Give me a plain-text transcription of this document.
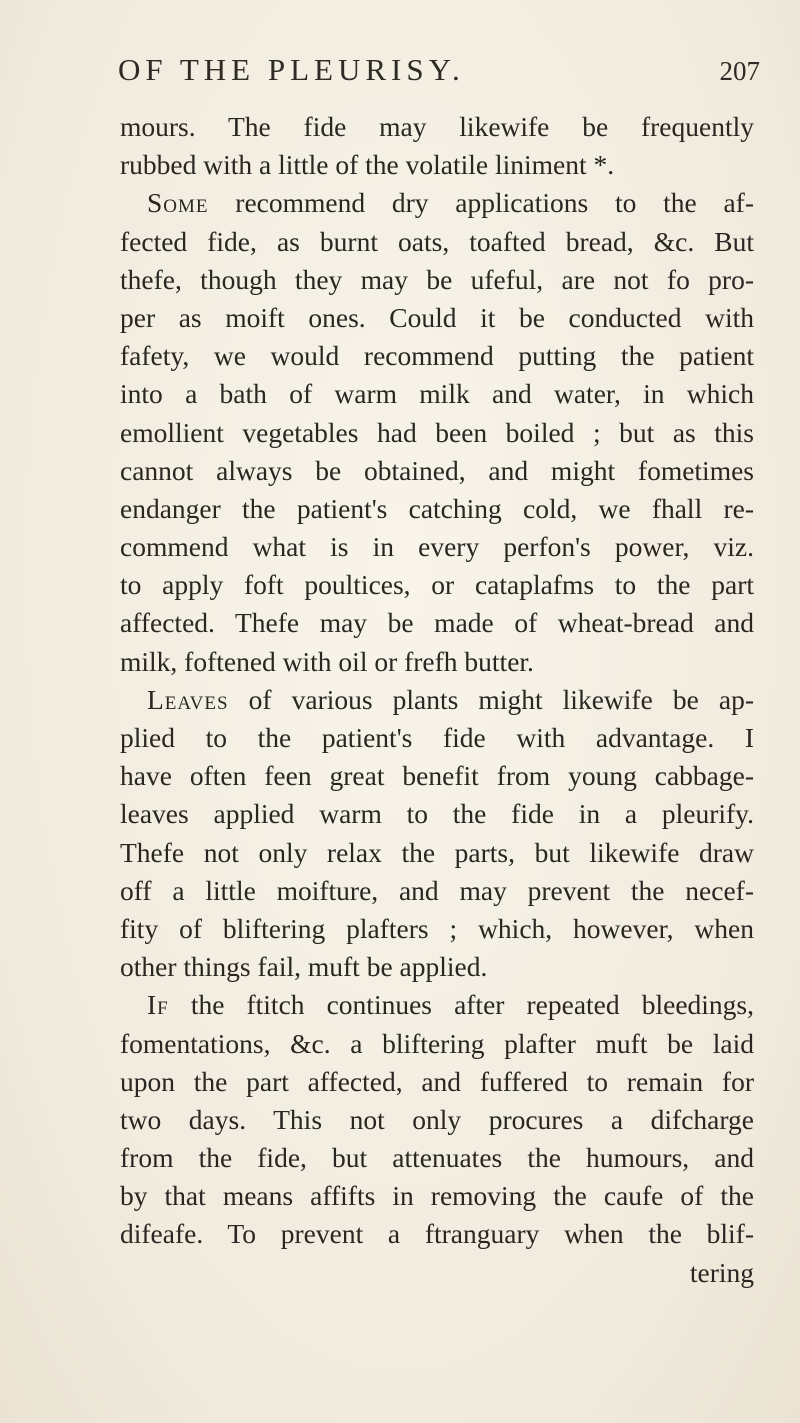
OF THE PLEURISY.	207
mours. The fide may likewife be frequently
rubbed with a little of the volatile liniment *.
Some recommend dry applications to the af-
fected fide, as burnt oats, toafted bread, &c. But
thefe, though they may be ufeful, are not fo pro-
per as moift ones. Could it be conducted with
fafety, we would recommend putting the patient
into a bath of warm milk and water, in which
emollient vegetables had been boiled ; but as this
cannot always be obtained, and might fometimes
endanger the patient's catching cold, we fhall re-
commend what is in every perfon's power, viz.
to apply foft poultices, or cataplafms to the part
affected. Thefe may be made of wheat-bread and
milk, foftened with oil or frefh butter.
Leaves of various plants might likewife be ap-
plied to the patient's fide with advantage. I
have often feen great benefit from young cabbage-
leaves applied warm to the fide in a pleurify.
Thefe not only relax the parts, but likewife draw
off a little moifture, and may prevent the necef-
fity of bliftering plafters ; which, however, when
other things fail, muft be applied.
If the ftitch continues after repeated bleedings,
fomentations, &c. a bliftering plafter muft be laid
upon the part affected, and fuffered to remain for
two days. This not only procures a difcharge
from the fide, but attenuates the humours, and
by that means affifts in removing the caufe of the
difeafe. To prevent a ftranguary when the blif-
tering
